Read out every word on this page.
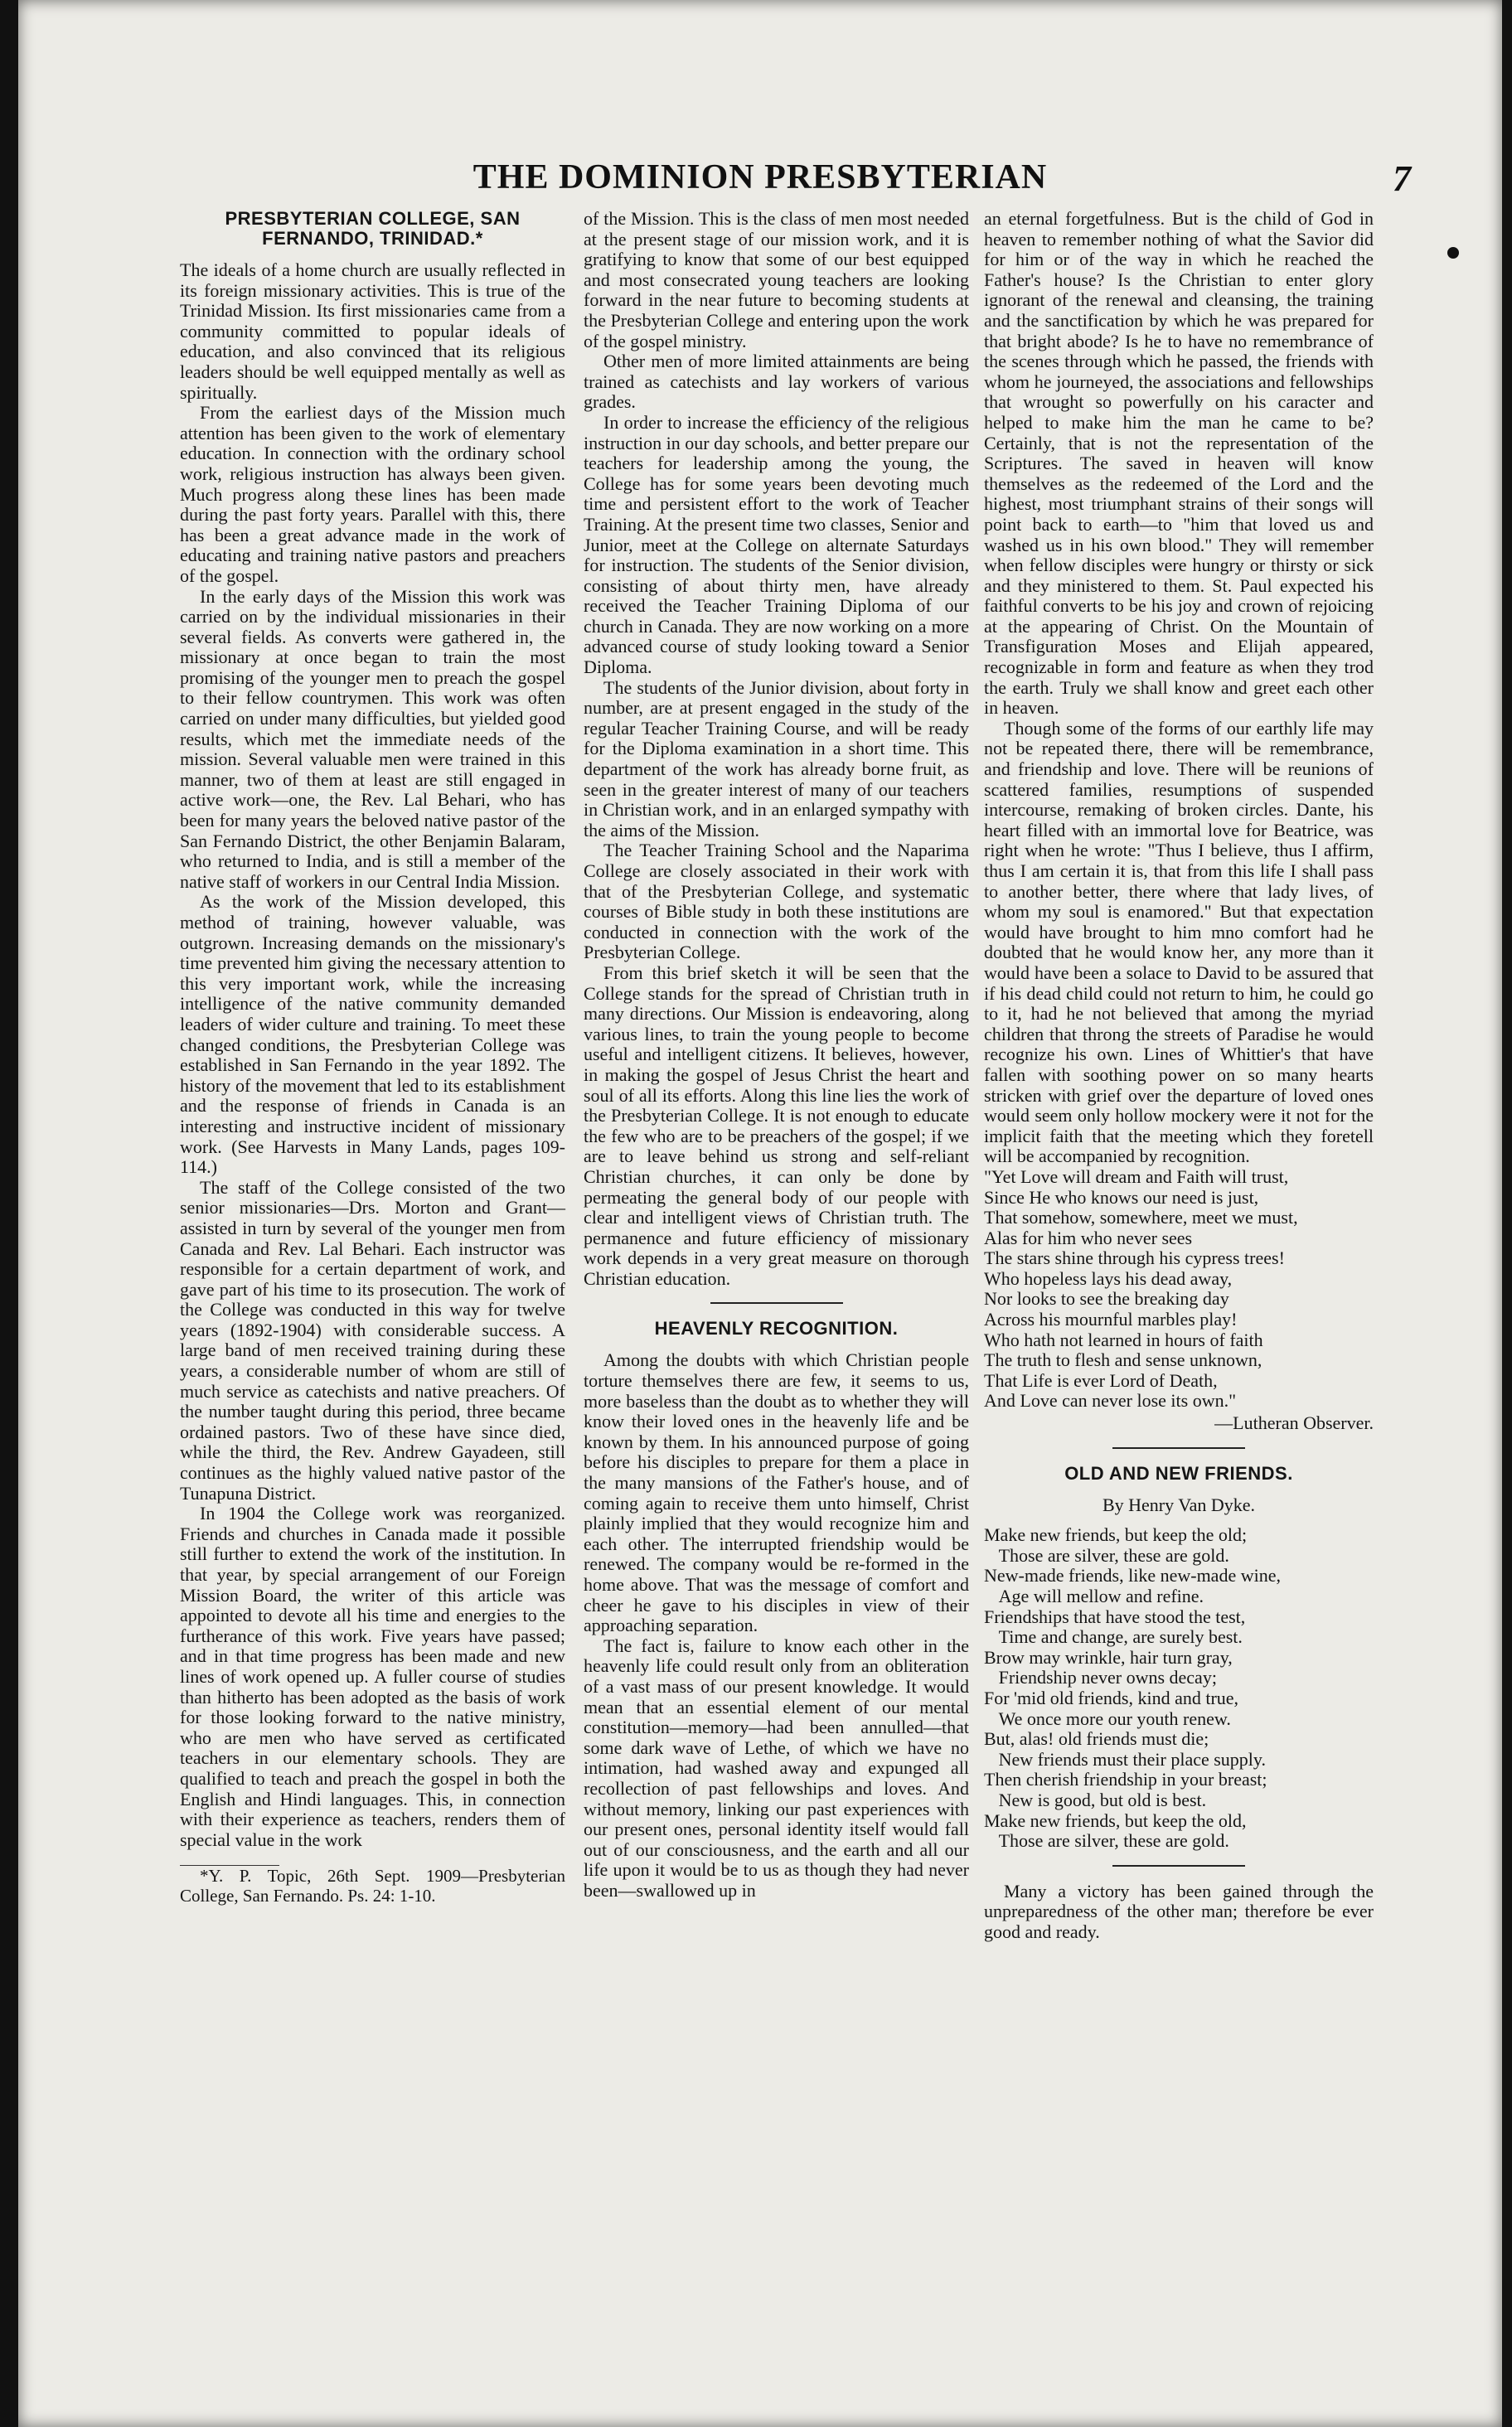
THE DOMINION PRESBYTERIAN	7
PRESBYTERIAN COLLEGE, SAN FERNANDO, TRINIDAD.*

The ideals of a home church are usually reflected in its foreign missionary activities. This is true of the Trinidad Mission. Its first missionaries came from a community committed to popular ideals of education, and also convinced that its religious leaders should be well equipped mentally as well as spiritually.

From the earliest days of the Mission much attention has been given to the work of elementary education. In connection with the ordinary school work, religious instruction has always been given. Much progress along these lines has been made during the past forty years. Parallel with this, there has been a great advance made in the work of educating and training native pastors and preachers of the gospel.

In the early days of the Mission this work was carried on by the individual missionaries in their several fields. As converts were gathered in, the missionary at once began to train the most promising of the younger men to preach the gospel to their fellow countrymen. This work was often carried on under many difficulties, but yielded good results, which met the immediate needs of the mission. Several valuable men were trained in this manner, two of them at least are still engaged in active work—one, the Rev. Lal Behari, who has been for many years the beloved native pastor of the San Fernando District, the other Benjamin Balaram, who returned to India, and is still a member of the native staff of workers in our Central India Mission.

As the work of the Mission developed, this method of training, however valuable, was outgrown. Increasing demands on the missionary's time prevented him giving the necessary attention to this very important work, while the increasing intelligence of the native community demanded leaders of wider culture and training. To meet these changed conditions, the Presbyterian College was established in San Fernando in the year 1892. The history of the movement that led to its establishment and the response of friends in Canada is an interesting and instructive incident of missionary work. (See Harvests in Many Lands, pages 109-114.)

The staff of the College consisted of the two senior missionaries—Drs. Morton and Grant—assisted in turn by several of the younger men from Canada and Rev. Lal Behari. Each instructor was responsible for a certain department of work, and gave part of his time to its prosecution. The work of the College was conducted in this way for twelve years (1892-1904) with considerable success. A large band of men received training during these years, a considerable number of whom are still of much service as catechists and native preachers. Of the number taught during this period, three became ordained pastors. Two of these have since died, while the third, the Rev. Andrew Gayadeen, still continues as the highly valued native pastor of the Tunapuna District.

In 1904 the College work was reorganized. Friends and churches in Canada made it possible still further to extend the work of the institution. In that year, by special arrangement of our Foreign Mission Board, the writer of this article was appointed to devote all his time and energies to the furtherance of this work. Five years have passed; and in that time progress has been made and new lines of work opened up. A fuller course of studies than hitherto has been adopted as the basis of work for those looking forward to the native ministry, who are men who have served as certificated teachers in our elementary schools. They are qualified to teach and preach the gospel in both the English and Hindi languages. This, in connection with their experience as teachers, renders them of special value in the work

*Y. P. Topic, 26th Sept. 1909—Presbyterian College, San Fernando. Ps. 24: 1-10.

of the Mission. This is the class of men most needed at the present stage of our mission work, and it is gratifying to know that some of our best equipped and most consecrated young teachers are looking forward in the near future to becoming students at the Presbyterian College and entering upon the work of the gospel ministry.

Other men of more limited attainments are being trained as catechists and lay workers of various grades.

In order to increase the efficiency of the religious instruction in our day schools, and better prepare our teachers for leadership among the young, the College has for some years been devoting much time and persistent effort to the work of Teacher Training. At the present time two classes, Senior and Junior, meet at the College on alternate Saturdays for instruction. The students of the Senior division, consisting of about thirty men, have already received the Teacher Training Diploma of our church in Canada. They are now working on a more advanced course of study looking toward a Senior Diploma.

The students of the Junior division, about forty in number, are at present engaged in the study of the regular Teacher Training Course, and will be ready for the Diploma examination in a short time. This department of the work has already borne fruit, as seen in the greater interest of many of our teachers in Christian work, and in an enlarged sympathy with the aims of the Mission.

The Teacher Training School and the Naparima College are closely associated in their work with that of the Presbyterian College, and systematic courses of Bible study in both these institutions are conducted in connection with the work of the Presbyterian College.

From this brief sketch it will be seen that the College stands for the spread of Christian truth in many directions. Our Mission is endeavoring, along various lines, to train the young people to become useful and intelligent citizens. It believes, however, in making the gospel of Jesus Christ the heart and soul of all its efforts. Along this line lies the work of the Presbyterian College. It is not enough to educate the few who are to be preachers of the gospel; if we are to leave behind us strong and self-reliant Christian churches, it can only be done by permeating the general body of our people with clear and intelligent views of Christian truth. The permanence and future efficiency of missionary work depends in a very great measure on thorough Christian education.

HEAVENLY RECOGNITION.

Among the doubts with which Christian people torture themselves there are few, it seems to us, more baseless than the doubt as to whether they will know their loved ones in the heavenly life and be known by them. In his announced purpose of going before his disciples to prepare for them a place in the many mansions of the Father's house, and of coming again to receive them unto himself, Christ plainly implied that they would recognize him and each other. The interrupted friendship would be renewed. The company would be re-formed in the home above. That was the message of comfort and cheer he gave to his disciples in view of their approaching separation.

The fact is, failure to know each other in the heavenly life could result only from an obliteration of a vast mass of our present knowledge. It would mean that an essential element of our mental constitution—memory—had been annulled—that some dark wave of Lethe, of which we have no intimation, had washed away and expunged all recollection of past fellowships and loves. And without memory, linking our past experiences with our present ones, personal identity itself would fall out of our consciousness, and the earth and all our life upon it would be to us as though they had never been—swallowed up in

an eternal forgetfulness. But is the child of God in heaven to remember nothing of what the Savior did for him or of the way in which he reached the Father's house? Is the Christian to enter glory ignorant of the renewal and cleansing, the training and the sanctification by which he was prepared for that bright abode? Is he to have no remembrance of the scenes through which he passed, the friends with whom he journeyed, the associations and fellowships that wrought so powerfully on his caracter and helped to make him the man he came to be? Certainly, that is not the representation of the Scriptures. The saved in heaven will know themselves as the redeemed of the Lord and the highest, most triumphant strains of their songs will point back to earth—to "him that loved us and washed us in his own blood." They will remember when fellow disciples were hungry or thirsty or sick and they ministered to them. St. Paul expected his faithful converts to be his joy and crown of rejoicing at the appearing of Christ. On the Mountain of Transfiguration Moses and Elijah appeared, recognizable in form and feature as when they trod the earth. Truly we shall know and greet each other in heaven.

Though some of the forms of our earthly life may not be repeated there, there will be remembrance, and friendship and love. There will be reunions of scattered families, resumptions of suspended intercourse, remaking of broken circles. Dante, his heart filled with an immortal love for Beatrice, was right when he wrote: "Thus I believe, thus I affirm, thus I am certain it is, that from this life I shall pass to another better, there where that lady lives, of whom my soul is enamored." But that expectation would have brought to him mno comfort had he doubted that he would know her, any more than it would have been a solace to David to be assured that if his dead child could not return to him, he could go to it, had he not believed that among the myriad children that throng the streets of Paradise he would recognize his own. Lines of Whittier's that have fallen with soothing power on so many hearts stricken with grief over the departure of loved ones would seem only hollow mockery were it not for the implicit faith that the meeting which they foretell will be accompanied by recognition.

"Yet Love will dream and Faith will trust,
Since He who knows our need is just,
That somehow, somewhere, meet we must,
Alas for him who never sees
The stars shine through his cypress trees!
Who hopeless lays his dead away,
Nor looks to see the breaking day
Across his mournful marbles play!
Who hath not learned in hours of faith
The truth to flesh and sense unknown,
That Life is ever Lord of Death,
And Love can never lose its own."
—Lutheran Observer.
OLD AND NEW FRIENDS.
By Henry Van Dyke.
Make new friends, but keep the old;
Those are silver, these are gold.
New-made friends, like new-made wine,
Age will mellow and refine.
Friendships that have stood the test,
Time and change, are surely best.
Brow may wrinkle, hair turn gray,
Friendship never owns decay;
For 'mid old friends, kind and true,
We once more our youth renew.
But, alas! old friends must die;
New friends must their place supply.
Then cherish friendship in your breast;
New is good, but old is best.
Make new friends, but keep the old,
Those are silver, these are gold.

Many a victory has been gained through the unpreparedness of the other man; therefore be ever good and ready.
